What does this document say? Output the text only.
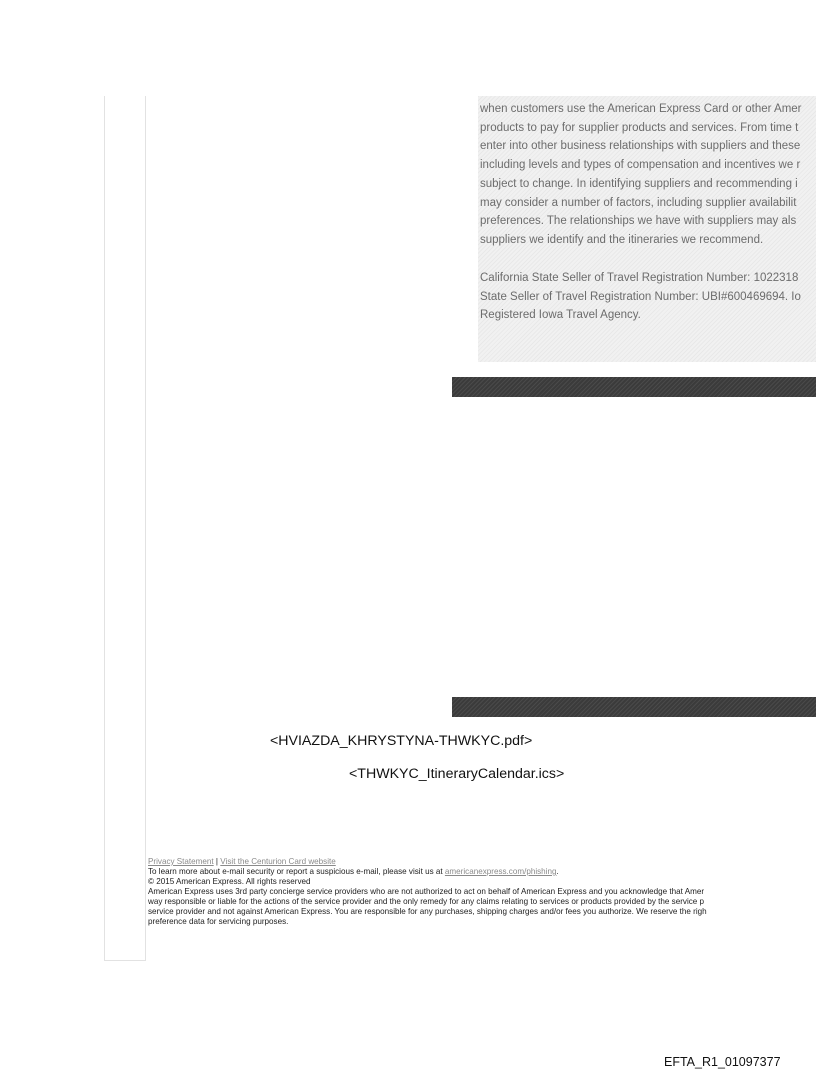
when customers use the American Express Card or other Amer
products to pay for supplier products and services. From time t
enter into other business relationships with suppliers and these
including levels and types of compensation and incentives we r
subject to change. In identifying suppliers and recommending i
may consider a number of factors, including supplier availabilit
preferences. The relationships we have with suppliers may als
suppliers we identify and the itineraries we recommend.

California State Seller of Travel Registration Number: 1022318
State Seller of Travel Registration Number: UBI#600469694. Io
Registered Iowa Travel Agency.

<HVIAZDA_KHRYSTYNA-THWKYC.pdf>
<THWKYC_ItineraryCalendar.ics>
Privacy Statement | Visit the Centurion Card website
To learn more about e-mail security or report a suspicious e-mail, please visit us at americanexpress.com/phishing.
© 2015 American Express. All rights reserved
American Express uses 3rd party concierge service providers who are not authorized to act on behalf of American Express and you acknowledge that Amer
way responsible or liable for the actions of the service provider and the only remedy for any claims relating to services or products provided by the service p
service provider and not against American Express. You are responsible for any purchases, shipping charges and/or fees you authorize. We reserve the righ
preference data for servicing purposes.
EFTA_R1_01097377
